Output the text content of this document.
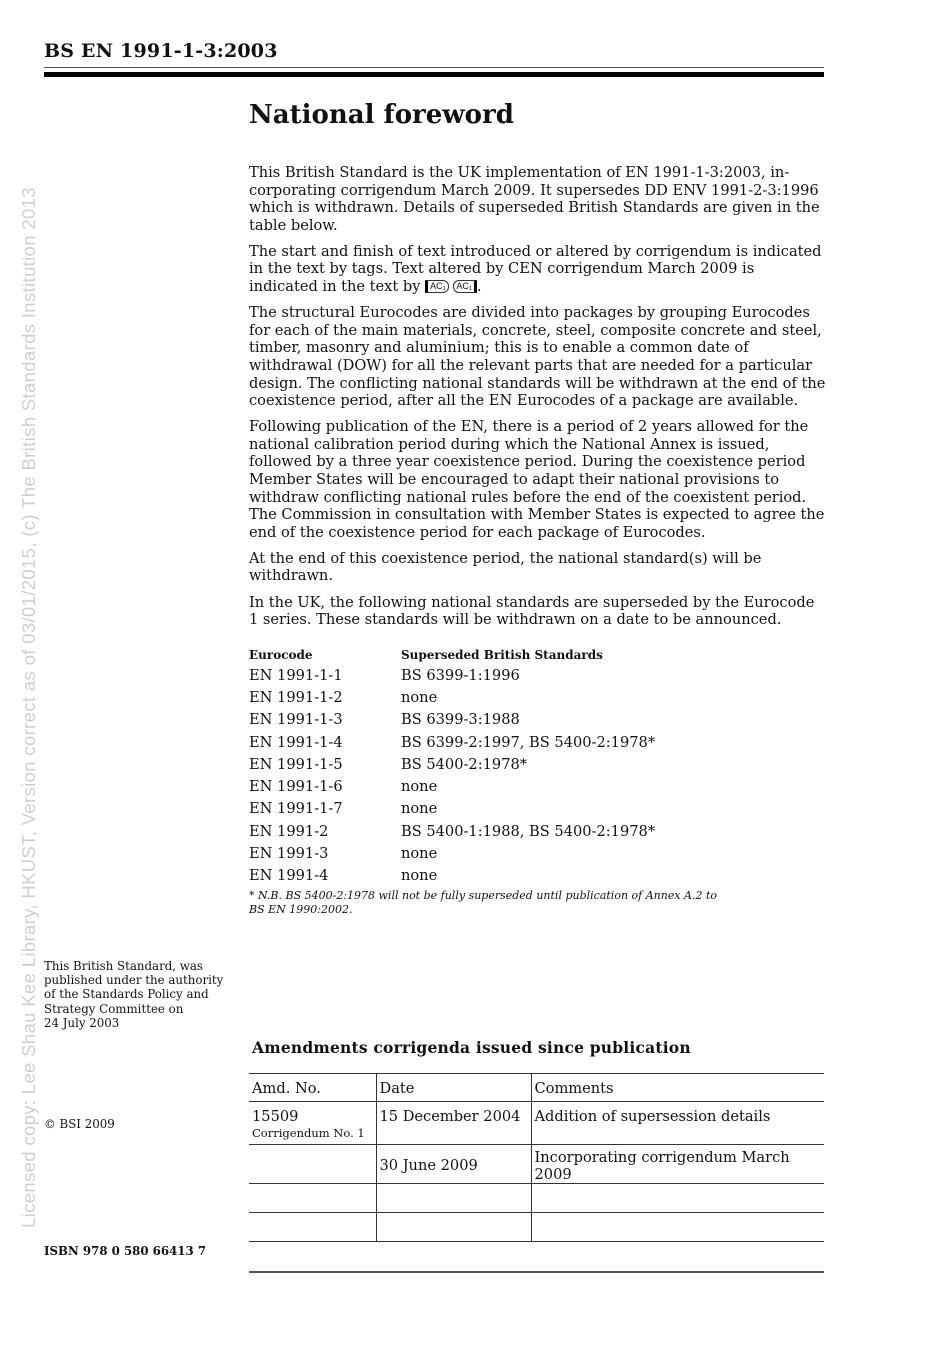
BS EN 1991-1-3:2003
Licensed copy: Lee Shau Kee Library, HKUST, Version correct as of 03/01/2015, (c) The British Standards Institution 2013
National foreword

This British Standard is the UK implementation of EN 1991-1-3:2003, in-corporating corrigendum March 2009. It supersedes DD ENV 1991-2-3:1996 which is withdrawn. Details of superseded British Standards are given in the table below.

The start and finish of text introduced or altered by corrigendum is indicated in the text by tags. Text altered by CEN corrigendum March 2009 is indicated in the text by AC₁ AC₁ .

The structural Eurocodes are divided into packages by grouping Eurocodes for each of the main materials, concrete, steel, composite concrete and steel, timber, masonry and aluminium; this is to enable a common date of withdrawal (DOW) for all the relevant parts that are needed for a particular design. The conflicting national standards will be withdrawn at the end of the coexistence period, after all the EN Eurocodes of a package are available.

Following publication of the EN, there is a period of 2 years allowed for the national calibration period during which the National Annex is issued, followed by a three year coexistence period. During the coexistence period Member States will be encouraged to adapt their national provisions to withdraw conflicting national rules before the end of the coexistent period. The Commission in consultation with Member States is expected to agree the end of the coexistence period for each package of Eurocodes.

At the end of this coexistence period, the national standard(s) will be withdrawn.

In the UK, the following national standards are superseded by the Eurocode 1 series. These standards will be withdrawn on a date to be announced.

Eurocode	Superseded British Standards
EN 1991-1-1	BS 6399-1:1996
EN 1991-1-2	none
EN 1991-1-3	BS 6399-3:1988
EN 1991-1-4	BS 6399-2:1997, BS 5400-2:1978*
EN 1991-1-5	BS 5400-2:1978*
EN 1991-1-6	none
EN 1991-1-7	none
EN 1991-2	BS 5400-1:1988, BS 5400-2:1978*
EN 1991-3	none
EN 1991-4	none
* N.B. BS 5400-2:1978 will not be fully superseded until publication of Annex A.2 to
BS EN 1990:2002.
This British Standard, was
published under the authority
of the Standards Policy and
Strategy Committee on
24 July 2003
© BSI 2009
ISBN 978 0 580 66413 7
Amendments corrigenda issued since publication
Amd. No.	Date	Comments
15509
Corrigendum No. 1	15 December 2004	Addition of supersession details
	30 June 2009	Incorporating corrigendum March 2009
